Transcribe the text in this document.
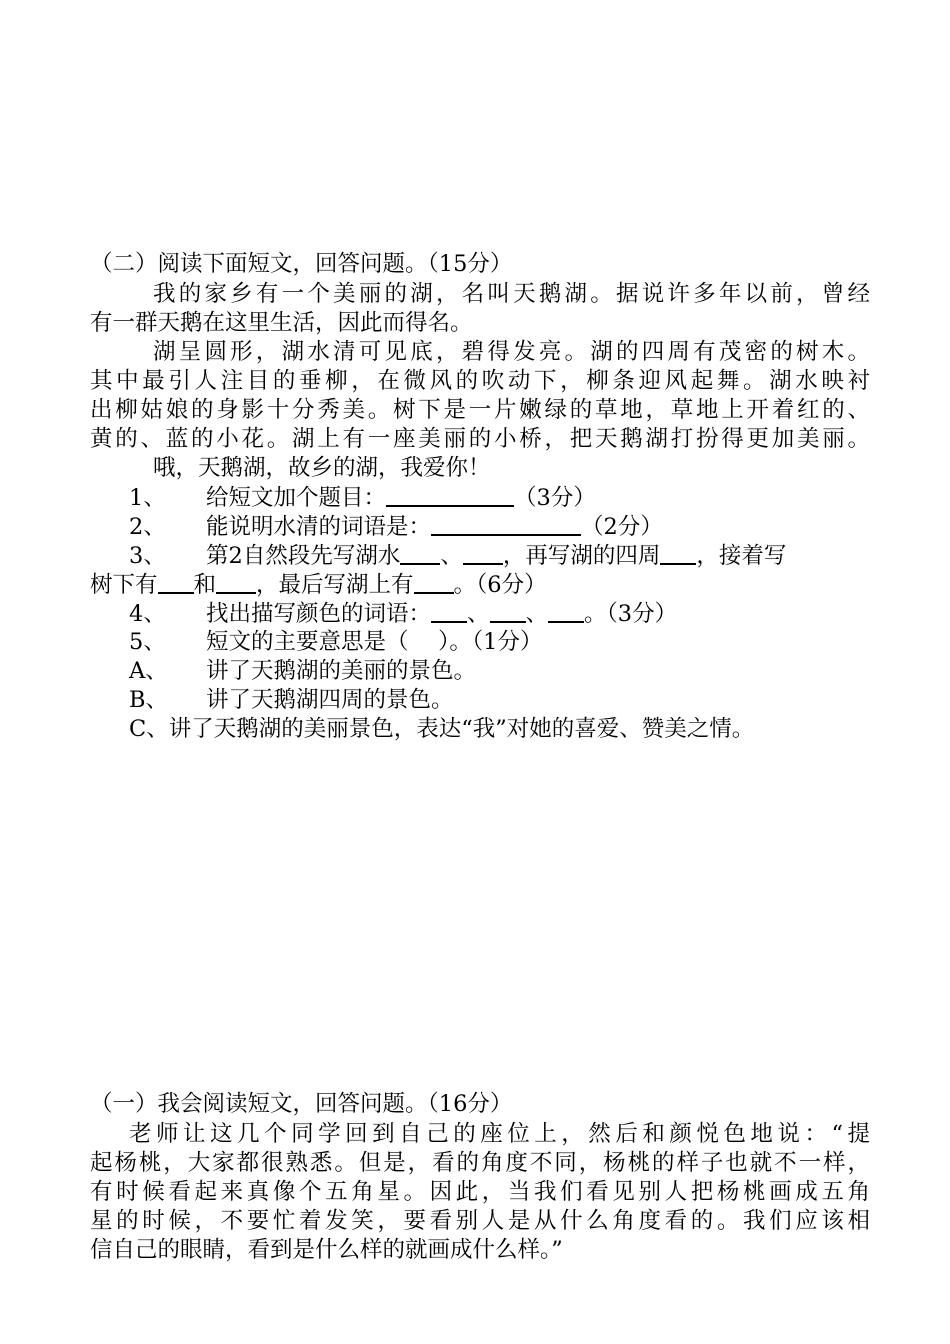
（二）阅读下面短文，回答问题。（15分）
我的家乡有一个美丽的湖，名叫天鹅湖。据说许多年以前，曾经
有一群天鹅在这里生活，因此而得名。
湖呈圆形，湖水清可见底，碧得发亮。湖的四周有茂密的树木。
其中最引人注目的垂柳，在微风的吹动下，柳条迎风起舞。湖水映衬
出柳姑娘的身影十分秀美。树下是一片嫩绿的草地，草地上开着红的、
黄的、蓝的小花。湖上有一座美丽的小桥，把天鹅湖打扮得更加美丽。
哦，天鹅湖，故乡的湖，我爱你！
1、 给短文加个题目：	（3分）
2、 能说明水清的词语是：	（2分）
3、 第2自然段先写湖水 、 ，再写湖的四周 ，接着写
树下有 和 ，最后写湖上有 。（6分）
4、 找出描写颜色的词语： 、 、 。（3分）
5、 短文的主要意思是（　 ）。（1分）
A、 讲了天鹅湖的美丽的景色。
B、 讲了天鹅湖四周的景色。
C、讲了天鹅湖的美丽景色，表达“我”对她的喜爱、赞美之情。
（一）我会阅读短文，回答问题。（16分）
老师让这几个同学回到自己的座位上，然后和颜悦色地说：“提
起杨桃，大家都很熟悉。但是，看的角度不同，杨桃的样子也就不一样，
有时候看起来真像个五角星。因此，当我们看见别人把杨桃画成五角
星的时候，不要忙着发笑，要看别人是从什么角度看的。我们应该相
信自己的眼睛，看到是什么样的就画成什么样。”
